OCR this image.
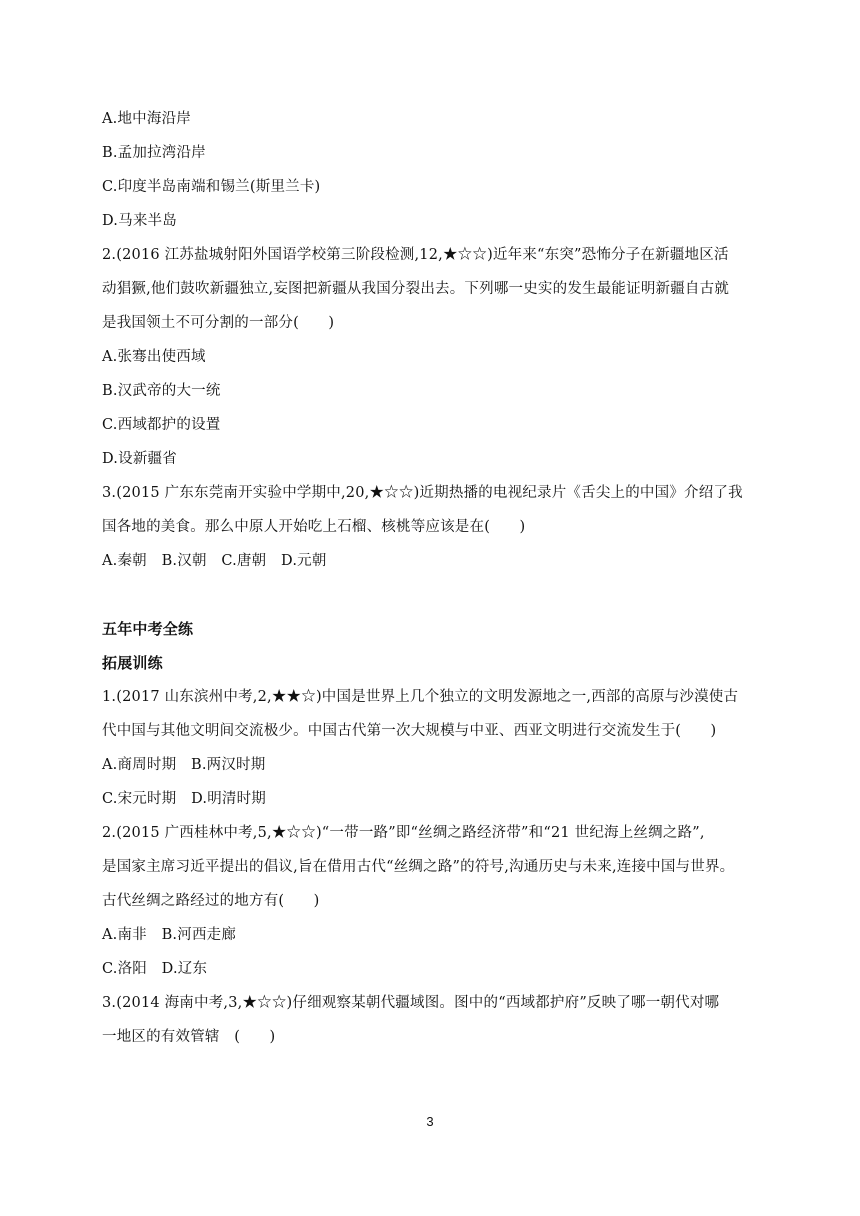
A.地中海沿岸
B.孟加拉湾沿岸
C.印度半岛南端和锡兰(斯里兰卡)
D.马来半岛
2.(2016 江苏盐城射阳外国语学校第三阶段检测,12,★☆☆)近年来“东突”恐怖分子在新疆地区活
动猖獗,他们鼓吹新疆独立,妄图把新疆从我国分裂出去。下列哪一史实的发生最能证明新疆自古就
是我国领土不可分割的一部分(　　)
A.张骞出使西域
B.汉武帝的大一统
C.西域都护的设置
D.设新疆省
3.(2015 广东东莞南开实验中学期中,20,★☆☆)近期热播的电视纪录片《舌尖上的中国》介绍了我
国各地的美食。那么中原人开始吃上石榴、核桃等应该是在(　　)
A.秦朝　B.汉朝　C.唐朝　D.元朝
五年中考全练
拓展训练
1.(2017 山东滨州中考,2,★★☆)中国是世界上几个独立的文明发源地之一,西部的高原与沙漠使古
代中国与其他文明间交流极少。中国古代第一次大规模与中亚、西亚文明进行交流发生于(　　)
A.商周时期　B.两汉时期
C.宋元时期　D.明清时期
2.(2015 广西桂林中考,5,★☆☆)“一带一路”即“丝绸之路经济带”和“21 世纪海上丝绸之路”,
是国家主席习近平提出的倡议,旨在借用古代“丝绸之路”的符号,沟通历史与未来,连接中国与世界。
古代丝绸之路经过的地方有(　　)
A.南非　B.河西走廊
C.洛阳　D.辽东
3.(2014 海南中考,3,★☆☆)仔细观察某朝代疆域图。图中的“西域都护府”反映了哪一朝代对哪
一地区的有效管辖　(　　)
3
